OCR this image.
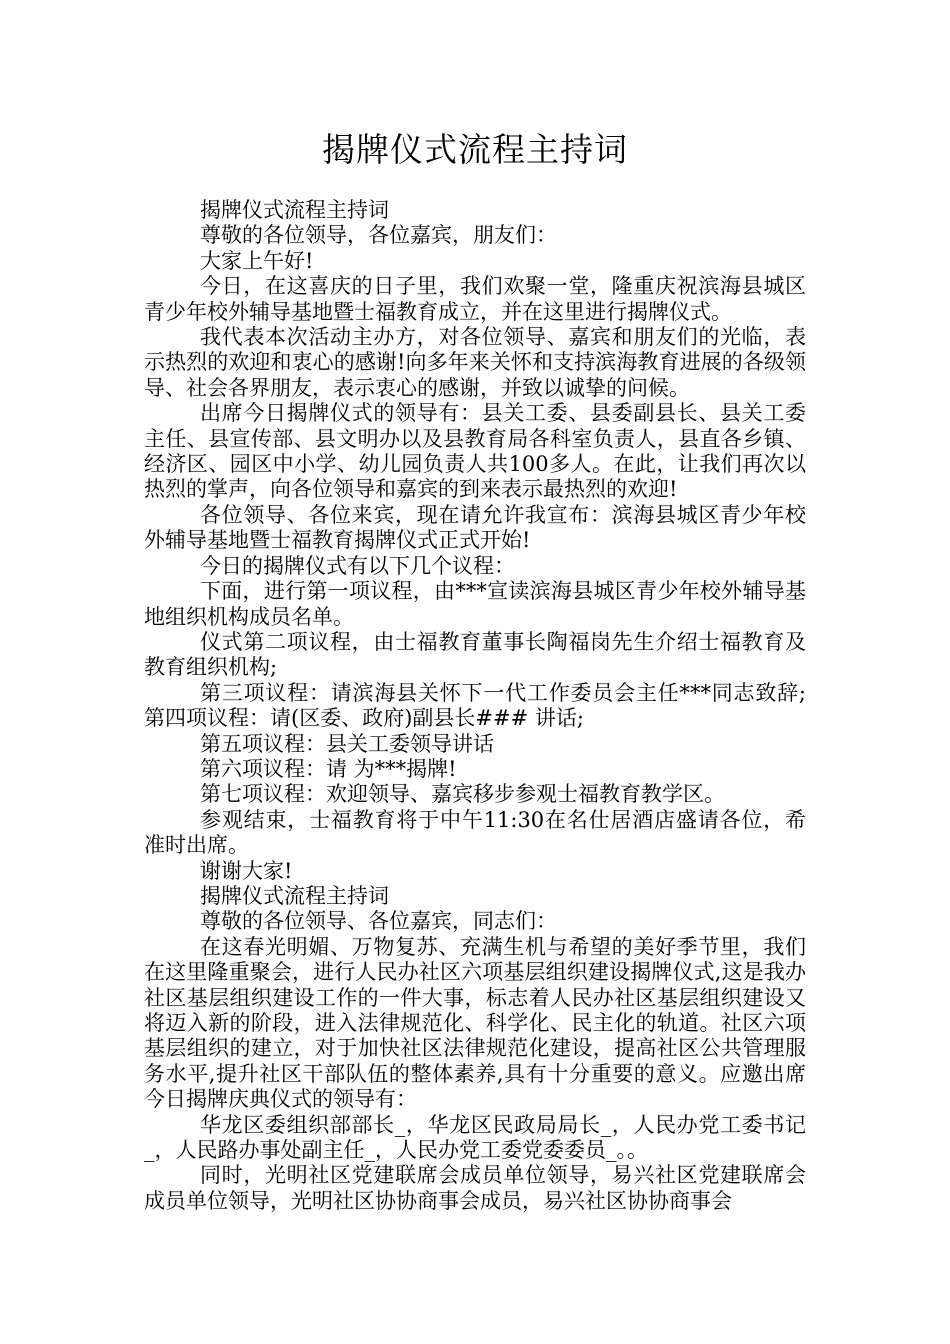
揭牌仪式流程主持词

揭牌仪式流程主持词

尊敬的各位领导，各位嘉宾，朋友们：

大家上午好!

今日，在这喜庆的日子里，我们欢聚一堂，隆重庆祝滨海县城区青少年校外辅导基地暨士福教育成立，并在这里进行揭牌仪式。

我代表本次活动主办方，对各位领导、嘉宾和朋友们的光临，表示热烈的欢迎和衷心的感谢!向多年来关怀和支持滨海教育进展的各级领导、社会各界朋友，表示衷心的感谢，并致以诚挚的问候。

出席今日揭牌仪式的领导有：县关工委、县委副县长、县关工委主任、县宣传部、县文明办以及县教育局各科室负责人，县直各乡镇、经济区、园区中小学、幼儿园负责人共100多人。在此，让我们再次以热烈的掌声，向各位领导和嘉宾的到来表示最热烈的欢迎!

各位领导、各位来宾，现在请允许我宣布：滨海县城区青少年校外辅导基地暨士福教育揭牌仪式正式开始!

今日的揭牌仪式有以下几个议程：

下面，进行第一项议程，由***宣读滨海县城区青少年校外辅导基地组织机构成员名单。

仪式第二项议程，由士福教育董事长陶福岗先生介绍士福教育及教育组织机构;

第三项议程：请滨海县关怀下一代工作委员会主任***同志致辞; 第四项议程：请(区委、政府)副县长### 讲话;

第五项议程：县关工委领导讲话

第六项议程：请 为***揭牌!

第七项议程：欢迎领导、嘉宾移步参观士福教育教学区。

参观结束，士福教育将于中午11:30在名仕居酒店盛请各位，希准时出席。

谢谢大家!

揭牌仪式流程主持词

尊敬的各位领导、各位嘉宾，同志们：

在这春光明媚、万物复苏、充满生机与希望的美好季节里，我们在这里隆重聚会，进行人民办社区六项基层组织建设揭牌仪式,这是我办社区基层组织建设工作的一件大事，标志着人民办社区基层组织建设又将迈入新的阶段，进入法律规范化、科学化、民主化的轨道。社区六项基层组织的建立，对于加快社区法律规范化建设，提高社区公共管理服务水平,提升社区干部队伍的整体素养,具有十分重要的意义。应邀出席今日揭牌庆典仪式的领导有：

华龙区委组织部部长_，华龙区民政局局长_，人民办党工委书记_，人民路办事处副主任_，人民办党工委党委委员_。。

同时，光明社区党建联席会成员单位领导，易兴社区党建联席会成员单位领导，光明社区协协商事会成员，易兴社区协协商事会
